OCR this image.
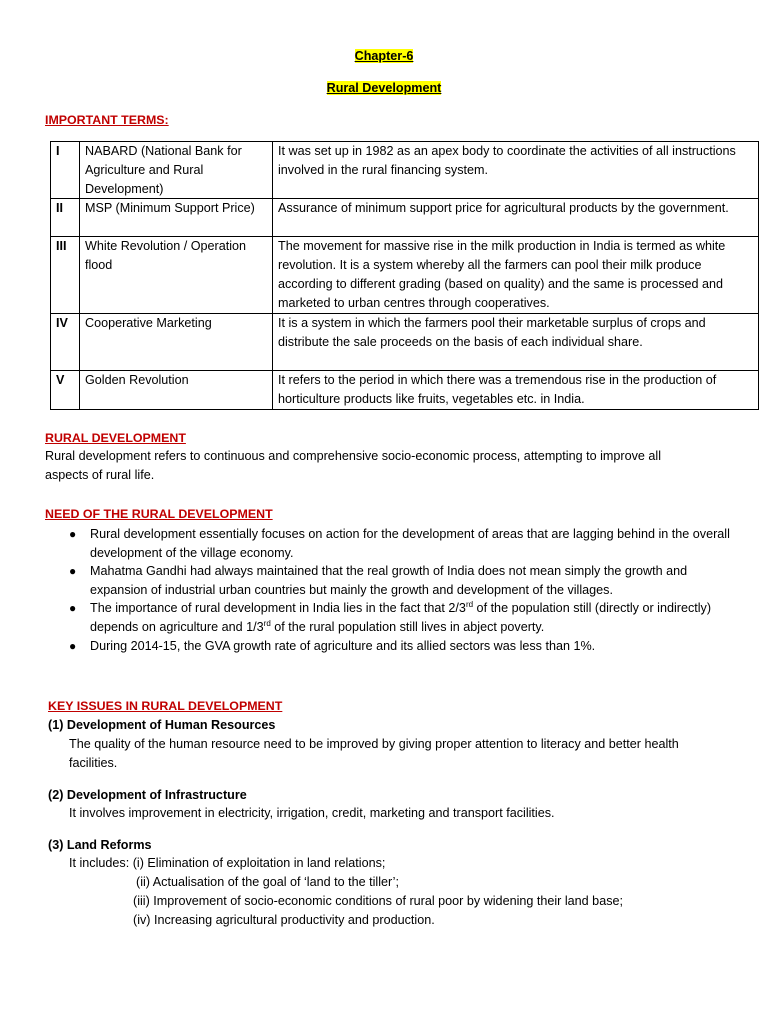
Chapter-6
Rural Development
IMPORTANT TERMS:
I	NABARD (National Bank for Agriculture and Rural Development)	It was set up in 1982 as an apex body to coordinate the activities of all instructions involved in the rural financing system.
II	MSP (Minimum Support Price)	Assurance of minimum support price for agricultural products by the government.
III	White Revolution / Operation flood	The movement for massive rise in the milk production in India is termed as white revolution. It is a system whereby all the farmers can pool their milk produce according to different grading (based on quality) and the same is processed and marketed to urban centres through cooperatives.
IV	Cooperative Marketing	It is a system in which the farmers pool their marketable surplus of crops and distribute the sale proceeds on the basis of each individual share.
V	Golden Revolution	It refers to the period in which there was a tremendous rise in the production of horticulture products like fruits, vegetables etc. in India.
RURAL DEVELOPMENT
Rural development refers to continuous and comprehensive socio-economic process, attempting to improve all aspects of rural life.
NEED OF THE RURAL DEVELOPMENT
● Rural development essentially focuses on action for the development of areas that are lagging behind in the overall development of the village economy.
● Mahatma Gandhi had always maintained that the real growth of India does not mean simply the growth and expansion of industrial urban countries but mainly the growth and development of the villages.
● The importance of rural development in India lies in the fact that 2/3rd of the population still (directly or indirectly) depends on agriculture and 1/3rd of the rural population still lives in abject poverty.
● During 2014-15, the GVA growth rate of agriculture and its allied sectors was less than 1%.
KEY ISSUES IN RURAL DEVELOPMENT
(1) Development of Human Resources
The quality of the human resource need to be improved by giving proper attention to literacy and better health facilities.
(2) Development of Infrastructure
It involves improvement in electricity, irrigation, credit, marketing and transport facilities.
(3) Land Reforms
It includes: (i) Elimination of exploitation in land relations;
(ii) Actualisation of the goal of ‘land to the tiller’;
(iii) Improvement of socio-economic conditions of rural poor by widening their land base;
(iv) Increasing agricultural productivity and production.
